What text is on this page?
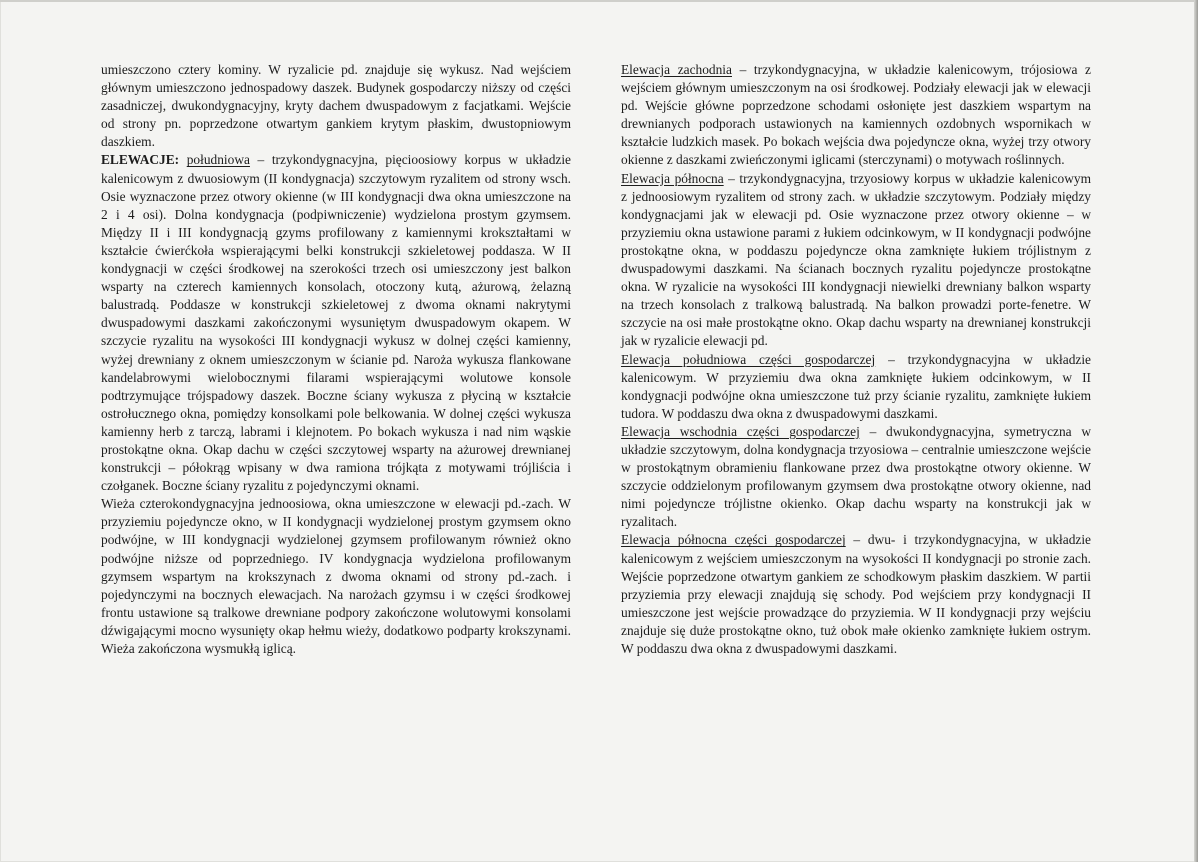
umieszczono cztery kominy. W ryzalicie pd. znajduje się wykusz. Nad wejściem głównym umieszczono jednospadowy daszek. Budynek gospodarczy niższy od części zasadniczej, dwukondygnacyjny, kryty dachem dwuspadowym z facjatkami. Wejście od strony pn. poprzedzone otwartym gankiem krytym płaskim, dwustopniowym daszkiem.

ELEWACJE: południowa – trzykondygnacyjna, pięcioosiowy korpus w układzie kalenicowym z dwuosiowym (II kondygnacja) szczytowym ryzalitem od strony wsch. Osie wyznaczone przez otwory okienne (w III kondygnacji dwa okna umieszczone na 2 i 4 osi). Dolna kondygnacja (podpiwniczenie) wydzielona prostym gzymsem. Między II i III kondygnacją gzyms profilowany z kamiennymi krokształtami w kształcie ćwierćkoła wspierającymi belki konstrukcji szkieletowej poddasza. W II kondygnacji w części środkowej na szerokości trzech osi umieszczony jest balkon wsparty na czterech kamiennych konsolach, otoczony kutą, ażurową, żelazną balustradą. Poddasze w konstrukcji szkieletowej z dwoma oknami nakrytymi dwuspadowymi daszkami zakończonymi wysuniętym dwuspadowym okapem. W szczycie ryzalitu na wysokości III kondygnacji wykusz w dolnej części kamienny, wyżej drewniany z oknem umieszczonym w ścianie pd. Naroża wykusza flankowane kandelabrowymi wielobocznymi filarami wspierającymi wolutowe konsole podtrzymujące trójspadowy daszek. Boczne ściany wykusza z płyciną w kształcie ostrołucznego okna, pomiędzy konsolkami pole belkowania. W dolnej części wykusza kamienny herb z tarczą, labrami i klejnotem. Po bokach wykusza i nad nim wąskie prostokątne okna. Okap dachu w części szczytowej wsparty na ażurowej drewnianej konstrukcji – półokrąg wpisany w dwa ramiona trójkąta z motywami trójliścia i czołganek. Boczne ściany ryzalitu z pojedynczymi oknami.

Wieża czterokondygnacyjna jednoosiowa, okna umieszczone w elewacji pd.-zach. W przyziemiu pojedyncze okno, w II kondygnacji wydzielonej prostym gzymsem okno podwójne, w III kondygnacji wydzielonej gzymsem profilowanym również okno podwójne niższe od poprzedniego. IV kondygnacja wydzielona profilowanym gzymsem wspartym na krokszynach z dwoma oknami od strony pd.-zach. i pojedynczymi na bocznych elewacjach. Na narożach gzymsu i w części środkowej frontu ustawione są tralkowe drewniane podpory zakończone wolutowymi konsolami dźwigającymi mocno wysunięty okap hełmu wieży, dodatkowo podparty krokszynami. Wieża zakończona wysmukłą iglicą.

Elewacja zachodnia – trzykondygnacyjna, w układzie kalenicowym, trójosiowa z wejściem głównym umieszczonym na osi środkowej. Podziały elewacji jak w elewacji pd. Wejście główne poprzedzone schodami osłonięte jest daszkiem wspartym na drewnianych podporach ustawionych na kamiennych ozdobnych wspornikach w kształcie ludzkich masek. Po bokach wejścia dwa pojedyncze okna, wyżej trzy otwory okienne z daszkami zwieńczonymi iglicami (sterczynami) o motywach roślinnych.

Elewacja północna – trzykondygnacyjna, trzyosiowy korpus w układzie kalenicowym z jednoosiowym ryzalitem od strony zach. w układzie szczytowym. Podziały między kondygnacjami jak w elewacji pd. Osie wyznaczone przez otwory okienne – w przyziemiu okna ustawione parami z łukiem odcinkowym, w II kondygnacji podwójne prostokątne okna, w poddaszu pojedyncze okna zamknięte łukiem trójlistnym z dwuspadowymi daszkami. Na ścianach bocznych ryzalitu pojedyncze prostokątne okna. W ryzalicie na wysokości III kondygnacji niewielki drewniany balkon wsparty na trzech konsolach z tralkową balustradą. Na balkon prowadzi porte-fenetre. W szczycie na osi małe prostokątne okno. Okap dachu wsparty na drewnianej konstrukcji jak w ryzalicie elewacji pd.

Elewacja południowa części gospodarczej – trzykondygnacyjna w układzie kalenicowym. W przyziemiu dwa okna zamknięte łukiem odcinkowym, w II kondygnacji podwójne okna umieszczone tuż przy ścianie ryzalitu, zamknięte łukiem tudora. W poddaszu dwa okna z dwuspadowymi daszkami.

Elewacja wschodnia części gospodarczej – dwukondygnacyjna, symetryczna w układzie szczytowym, dolna kondygnacja trzyosiowa – centralnie umieszczone wejście w prostokątnym obramieniu flankowane przez dwa prostokątne otwory okienne. W szczycie oddzielonym profilowanym gzymsem dwa prostokątne otwory okienne, nad nimi pojedyncze trójlistne okienko. Okap dachu wsparty na konstrukcji jak w ryzalitach.

Elewacja północna części gospodarczej – dwu- i trzykondygnacyjna, w układzie kalenicowym z wejściem umieszczonym na wysokości II kondygnacji po stronie zach. Wejście poprzedzone otwartym gankiem ze schodkowym płaskim daszkiem. W partii przyziemia przy elewacji znajdują się schody. Pod wejściem przy kondygnacji II umieszczone jest wejście prowadzące do przyziemia. W II kondygnacji przy wejściu znajduje się duże prostokątne okno, tuż obok małe okienko zamknięte łukiem ostrym. W poddaszu dwa okna z dwuspadowymi daszkami.
